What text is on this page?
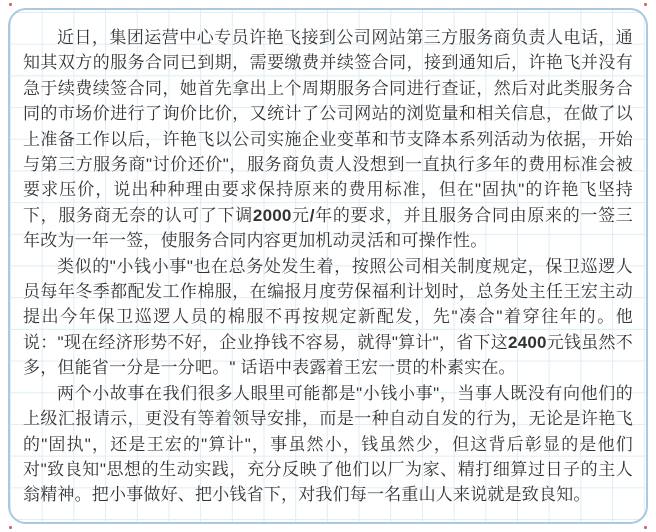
近日，集团运营中心专员许艳飞接到公司网站第三方服务商负责人电话，通知其双方的服务合同已到期，需要缴费并续签合同，接到通知后，许艳飞并没有急于续费续签合同，她首先拿出上个周期服务合同进行查证，然后对此类服务合同的市场价进行了询价比价，又统计了公司网站的浏览量和相关信息，在做了以上准备工作以后，许艳飞以公司实施企业变革和节支降本系列活动为依据，开始与第三方服务商"讨价还价"，服务商负责人没想到一直执行多年的费用标准会被要求压价，说出种种理由要求保持原来的费用标准，但在"固执"的许艳飞坚持下，服务商无奈的认可了下调2000元/年的要求，并且服务合同由原来的一签三年改为一年一签，使服务合同内容更加机动灵活和可操作性。

类似的"小钱小事"也在总务处发生着，按照公司相关制度规定，保卫巡逻人员每年冬季都配发工作棉服，在编报月度劳保福利计划时，总务处主任王宏主动提出今年保卫巡逻人员的棉服不再按规定新配发，先"凑合"着穿往年的。他说："现在经济形势不好，企业挣钱不容易，就得"算计"，省下这2400元钱虽然不多，但能省一分是一分吧。" 话语中表露着王宏一贯的朴素实在。

两个小故事在我们很多人眼里可能都是"小钱小事"，当事人既没有向他们的上级汇报请示，更没有等着领导安排，而是一种自动自发的行为，无论是许艳飞的"固执"，还是王宏的"算计"，事虽然小，钱虽然少，但这背后彰显的是他们对"致良知"思想的生动实践，充分反映了他们以厂为家、精打细算过日子的主人翁精神。把小事做好、把小钱省下，对我们每一名重山人来说就是致良知。
